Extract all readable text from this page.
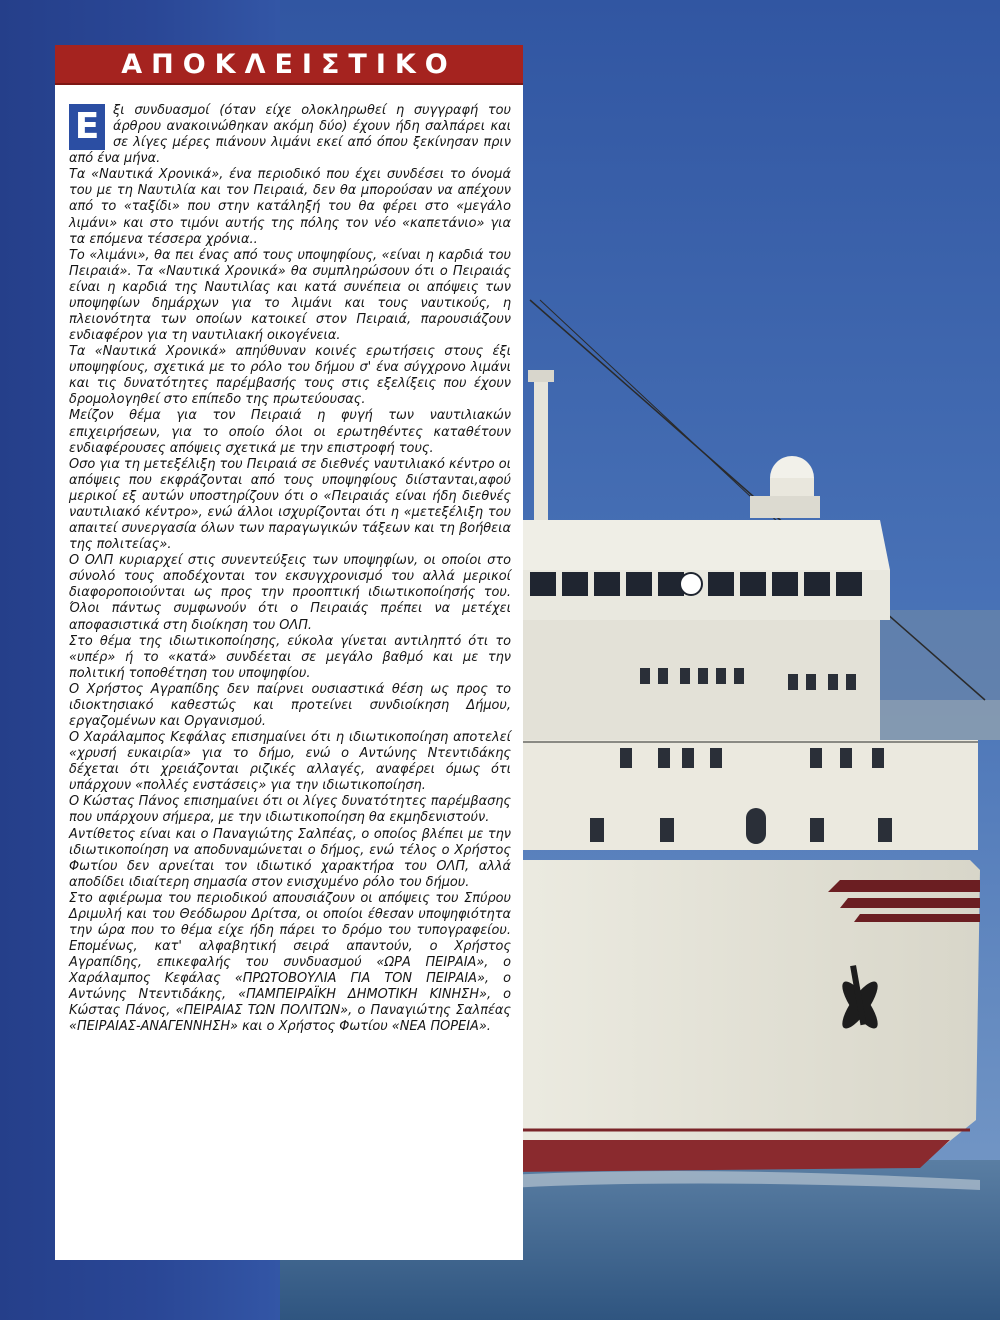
ΑΠΟΚΛΕΙΣΤΙΚΟ

Ε	ξι συνδυασμοί (όταν είχε ολοκληρωθεί η συγγραφή του άρθρου ανακοινώθηκαν ακόμη δύο) έχουν ήδη σαλπάρει και σε λίγες μέρες πιάνουν λιμάνι εκεί από όπου ξεκίνησαν πριν από ένα μήνα.

Τα «Ναυτικά Χρονικά», ένα περιοδικό που έχει συνδέσει το όνομά του με τη Ναυτιλία και τον Πειραιά, δεν θα μπορούσαν να απέχουν από το «ταξίδι» που στην κατάληξή του θα φέρει στο «μεγάλο λιμάνι» και στο τιμόνι αυτής της πόλης τον νέο «καπετάνιο» για τα επόμενα τέσσερα χρόνια..

Το «λιμάνι», θα πει ένας από τους υποψηφίους, «είναι η καρδιά του Πειραιά». Τα «Ναυτικά Χρονικά» θα συμπληρώσουν ότι ο Πειραιάς είναι η καρδιά της Ναυτιλίας και κατά συνέπεια οι απόψεις των υποψηφίων δημάρχων για το λιμάνι και τους ναυτικούς, η πλειονότητα των οποίων κατοικεί στον Πειραιά, παρουσιάζουν ενδιαφέρον για τη ναυτιλιακή οικογένεια.

Τα «Ναυτικά Χρονικά» απηύθυναν κοινές ερωτήσεις στους έξι υποψηφίους, σχετικά με το ρόλο του δήμου σ' ένα σύγχρονο λιμάνι και τις δυνατότητες παρέμβασής τους στις εξελίξεις που έχουν δρομολογηθεί στο επίπεδο της πρωτεύουσας.

Μείζον θέμα για τον Πειραιά η φυγή των ναυτιλιακών επιχειρήσεων, για το οποίο όλοι οι ερωτηθέντες καταθέτουν ενδιαφέρουσες απόψεις σχετικά με την επιστροφή τους.

Οσο για τη μετεξέλιξη του Πειραιά σε διεθνές ναυτιλιακό κέντρο οι απόψεις που εκφράζονται από τους υποψηφίους διίστανται,αφού μερικοί εξ αυτών υποστηρίζουν ότι ο «Πειραιάς είναι ήδη διεθνές ναυτιλιακό κέντρο», ενώ άλλοι ισχυρίζονται ότι η «μετεξέλιξη του απαιτεί συνεργασία όλων των παραγωγικών τάξεων και τη βοήθεια της πολιτείας».

Ο ΟΛΠ κυριαρχεί στις συνεντεύξεις των υποψηφίων, οι οποίοι στο σύνολό τους αποδέχονται τον εκσυγχρονισμό του αλλά μερικοί διαφοροποιούνται ως προς την προοπτική ιδιωτικοποίησής του. Όλοι πάντως συμφωνούν ότι ο Πειραιάς πρέπει να μετέχει αποφασιστικά στη διοίκηση του ΟΛΠ.

Στο θέμα της ιδιωτικοποίησης, εύκολα γίνεται αντιληπτό ότι το «υπέρ» ή το «κατά» συνδέεται σε μεγάλο βαθμό και με την πολιτική τοποθέτηση του υποψηφίου.

Ο Χρήστος Αγραπίδης δεν παίρνει ουσιαστικά θέση ως προς το ιδιοκτησιακό καθεστώς και προτείνει συνδιοίκηση Δήμου, εργαζομένων και Οργανισμού.

Ο Χαράλαμπος Κεφάλας επισημαίνει ότι η ιδιωτικοποίηση αποτελεί «χρυσή ευκαιρία» για το δήμο, ενώ ο Αντώνης Ντεντιδάκης δέχεται ότι χρειάζονται ριζικές αλλαγές, αναφέρει όμως ότι υπάρχουν «πολλές ενστάσεις» για την ιδιωτικοποίηση.

Ο Κώστας Πάνος επισημαίνει ότι οι λίγες δυνατότητες παρέμβασης που υπάρχουν σήμερα, με την ιδιωτικοποίηση θα εκμηδενιστούν.

Αντίθετος είναι και ο Παναγιώτης Σαλπέας, ο οποίος βλέπει με την ιδιωτικοποίηση να αποδυναμώνεται ο δήμος, ενώ τέλος ο Χρήστος Φωτίου δεν αρνείται τον ιδιωτικό χαρακτήρα του ΟΛΠ, αλλά αποδίδει ιδιαίτερη σημασία στον ενισχυμένο ρόλο του δήμου.

Στο αφιέρωμα του περιοδικού απουσιάζουν οι απόψεις του Σπύρου Δριμυλή και του Θεόδωρου Δρίτσα, οι οποίοι έθεσαν υποψηφιότητα την ώρα που το θέμα είχε ήδη πάρει το δρόμο του τυπογραφείου. Επομένως, κατ' αλφαβητική σειρά απαντούν, ο Χρήστος Αγραπίδης, επικεφαλής του συνδυασμού «ΩΡΑ ΠΕΙΡΑΙΑ», ο Χαράλαμπος Κεφάλας «ΠΡΩΤΟΒΟΥΛΙΑ ΓΙΑ ΤΟΝ ΠΕΙΡΑΙΑ», ο Αντώνης Ντεντιδάκης, «ΠΑΜΠΕΙΡΑΪΚΗ ΔΗΜΟΤΙΚΗ ΚΙΝΗΣΗ», ο Κώστας Πάνος, «ΠΕΙΡΑΙΑΣ ΤΩΝ ΠΟΛΙΤΩΝ», ο Παναγιώτης Σαλπέας «ΠΕΙΡΑΙΑΣ-ΑΝΑΓΕΝΝΗΣΗ» και ο Χρήστος Φωτίου «ΝΕΑ ΠΟΡΕΙΑ».
